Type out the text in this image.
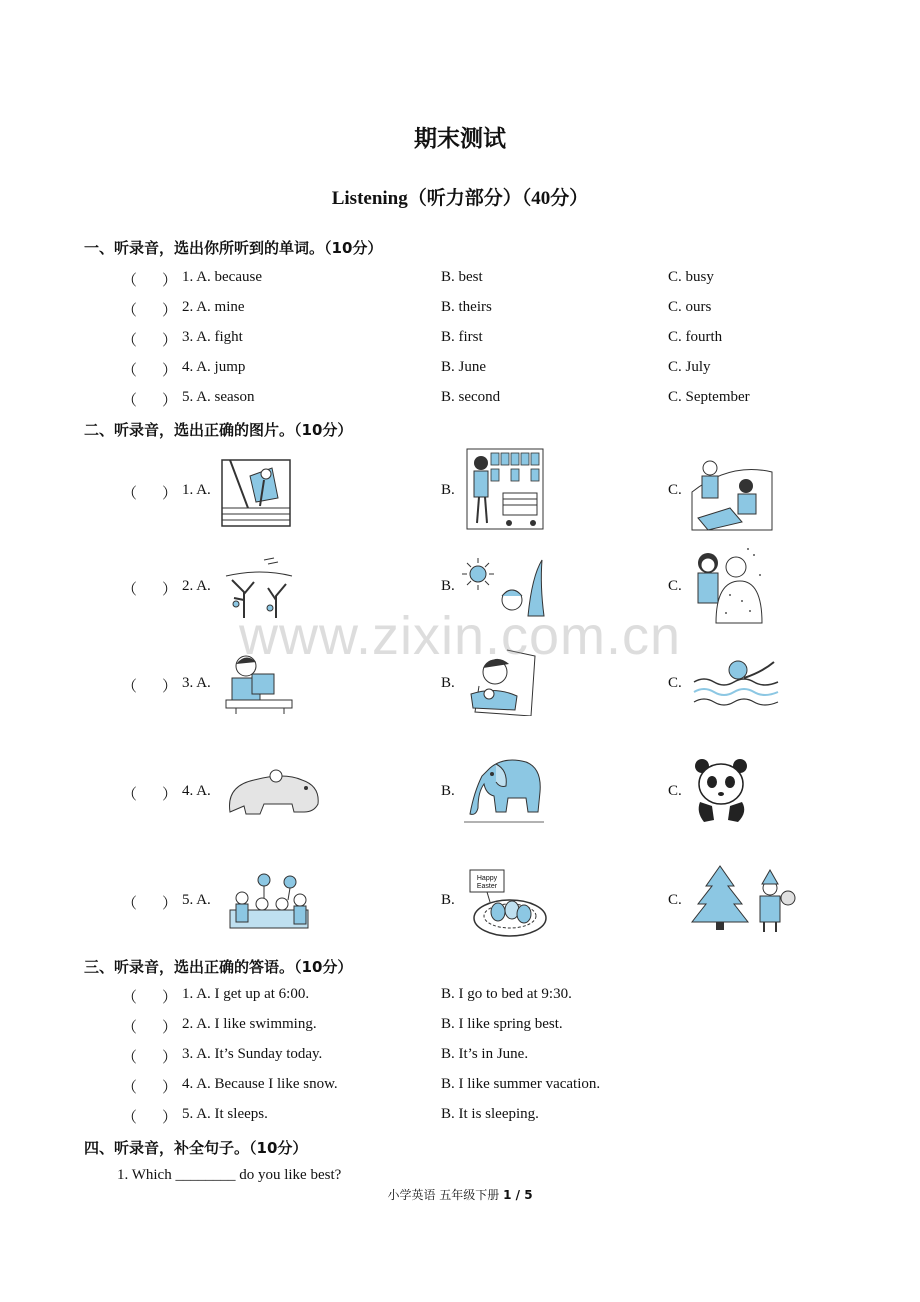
期末测试
Listening（听力部分）（40分）
一、听录音，选出你所听到的单词。（10分）
（ ） 1. A. because	B. best	C. busy
（ ） 2. A. mine	B. theirs	C. ours
（ ） 3. A. fight	B. first	C. fourth
（ ） 4. A. jump	B. June	C. July
（ ） 5. A. season	B. second	C. September
二、听录音，选出正确的图片。（10分）
（ ） 1. A.	B.	C.
（ ） 2. A.	B.	C.
（ ） 3. A.	B.	C.
（ ） 4. A.	B.	C.
（ ） 5. A.	B.	C.
Happy
Easter
www.zixin.com.cn
三、听录音，选出正确的答语。（10分）
（ ） 1. A. I get up at 6:00.	B. I go to bed at 9:30.
（ ） 2. A. I like swimming.	B. I like spring best.
（ ） 3. A. It’s Sunday today.	B. It’s in June.
（ ） 4. A. Because I like snow.	B. I like summer vacation.
（ ） 5. A. It sleeps.	B. It is sleeping.
四、听录音，补全句子。（10分）
1. Which ________ do you like best?
小学英语 五年级下册 1 / 5
